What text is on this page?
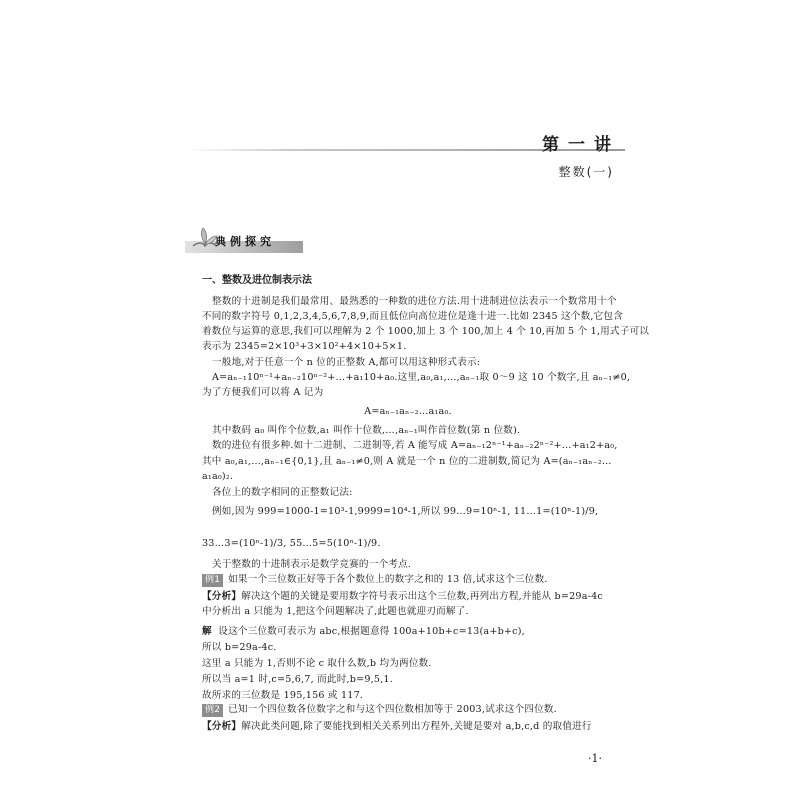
第一讲
整数(一)
典例探究
一、整数及进位制表示法
整数的十进制是我们最常用、最熟悉的一种数的进位方法.用十进制进位法表示一个数常用十个
不同的数字符号 0,1,2,3,4,5,6,7,8,9,而且低位向高位进位是逢十进一.比如 2345 这个数,它包含
着数位与运算的意思,我们可以理解为 2 个 1000,加上 3 个 100,加上 4 个 10,再加 5 个 1,用式子可以
表示为 2345=2×10³+3×10²+4×10+5×1.
一般地,对于任意一个 n 位的正整数 A,都可以用这种形式表示:
A=aₙ₋₁10ⁿ⁻¹+aₙ₋₂10ⁿ⁻²+…+a₁10+a₀.这里,a₀,a₁,…,aₙ₋₁取 0～9 这 10 个数字,且 aₙ₋₁≠0,
为了方便我们可以将 A 记为
A=aₙ₋₁aₙ₋₂…a₁a₀.
其中数码 a₀ 叫作个位数,a₁ 叫作十位数,…,aₙ₋₁叫作首位数(第 n 位数).
数的进位有很多种.如十二进制、二进制等,若 A 能写成 A=aₙ₋₁2ⁿ⁻¹+aₙ₋₂2ⁿ⁻²+…+a₁2+a₀,
其中 a₀,a₁,…,aₙ₋₁∈{0,1},且 aₙ₋₁≠0,则 A 就是一个 n 位的二进制数,简记为 A=(aₙ₋₁aₙ₋₂…
a₁a₀)₂.
各位上的数字相同的正整数记法:
例如,因为 999=1000-1=10³-1,9999=10⁴-1,所以 99…9=10ⁿ-1, 11…1=(10ⁿ-1)/9,
33…3=(10ⁿ-1)/3, 55…5=5(10ⁿ-1)/9.
关于整数的十进制表示是数学竞赛的一个考点.
例1 如果一个三位数正好等于各个数位上的数字之和的 13 倍,试求这个三位数.
【分析】解决这个题的关键是要用数字符号表示出这个三位数,再列出方程,并能从 b=29a-4c
中分析出 a 只能为 1,把这个问题解决了,此题也就迎刃而解了.
解 设这个三位数可表示为 abc,根据题意得 100a+10b+c=13(a+b+c),
所以 b=29a-4c.
这里 a 只能为 1,否则不论 c 取什么数,b 均为两位数.
所以当 a=1 时,c=5,6,7, 而此时,b=9,5,1.
故所求的三位数是 195,156 或 117.
例2 已知一个四位数各位数字之和与这个四位数相加等于 2003,试求这个四位数.
【分析】解决此类问题,除了要能找到相关关系列出方程外,关键是要对 a,b,c,d 的取值进行
·1·
